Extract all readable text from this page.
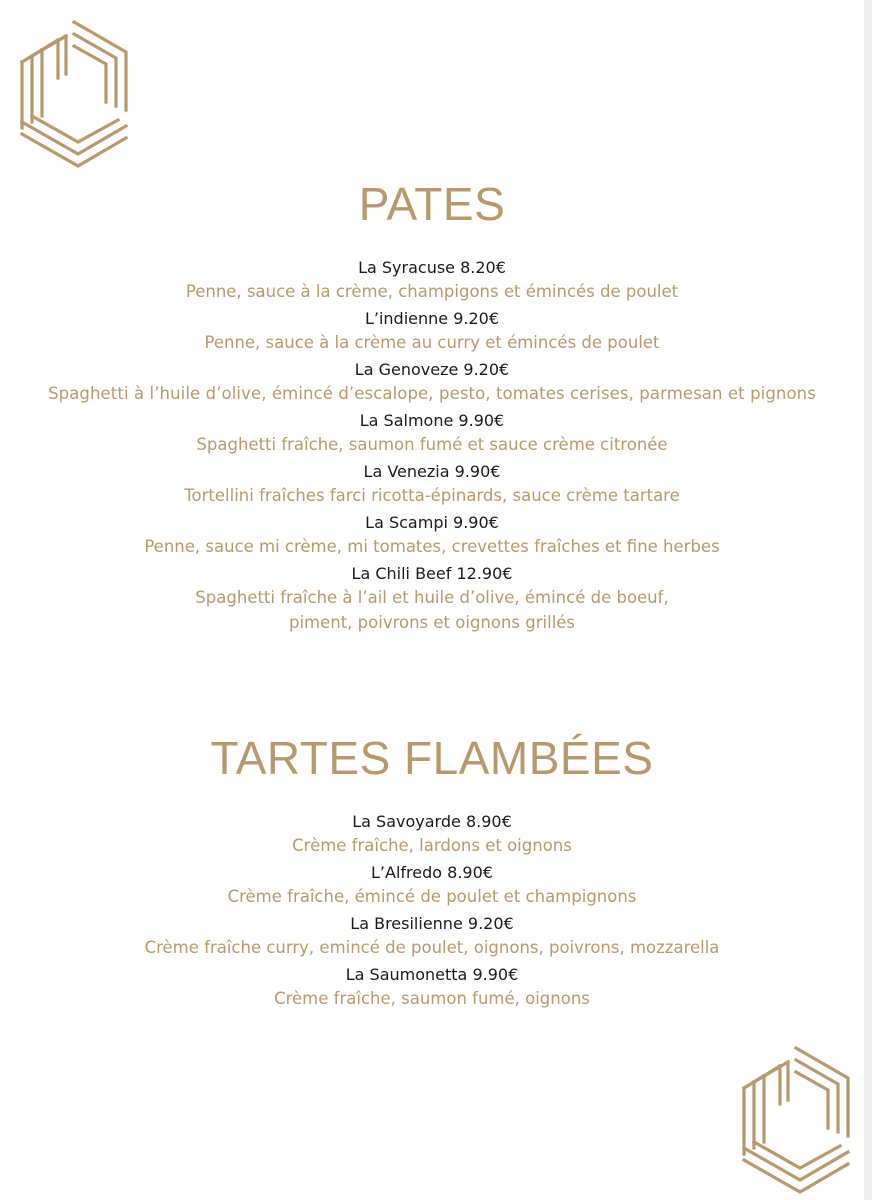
PATES
La Syracuse 8.20€
Penne, sauce à la crème, champigons et émincés de poulet
L’indienne 9.20€
Penne, sauce à la crème au curry et émincés de poulet
La Genoveze 9.20€
Spaghetti à l’huile d’olive, émincé d’escalope, pesto, tomates cerises, parmesan et pignons
La Salmone 9.90€
Spaghetti fraîche, saumon fumé et sauce crème citronée
La Venezia 9.90€
Tortellini fraîches farci ricotta-épinards, sauce crème tartare
La Scampi 9.90€
Penne, sauce mi crème, mi tomates, crevettes fraîches et fine herbes
La Chili Beef 12.90€
Spaghetti fraîche à l’ail et huile d’olive, émincé de boeuf,
piment, poivrons et oignons grillés
TARTES FLAMBÉES
La Savoyarde 8.90€
Crème fraîche, lardons et oignons
L’Alfredo 8.90€
Crème fraîche, émincé de poulet et champignons
La Bresilienne 9.20€
Crème fraîche curry, emincé de poulet, oignons, poivrons, mozzarella
La Saumonetta 9.90€
Crème fraîche, saumon fumé, oignons
